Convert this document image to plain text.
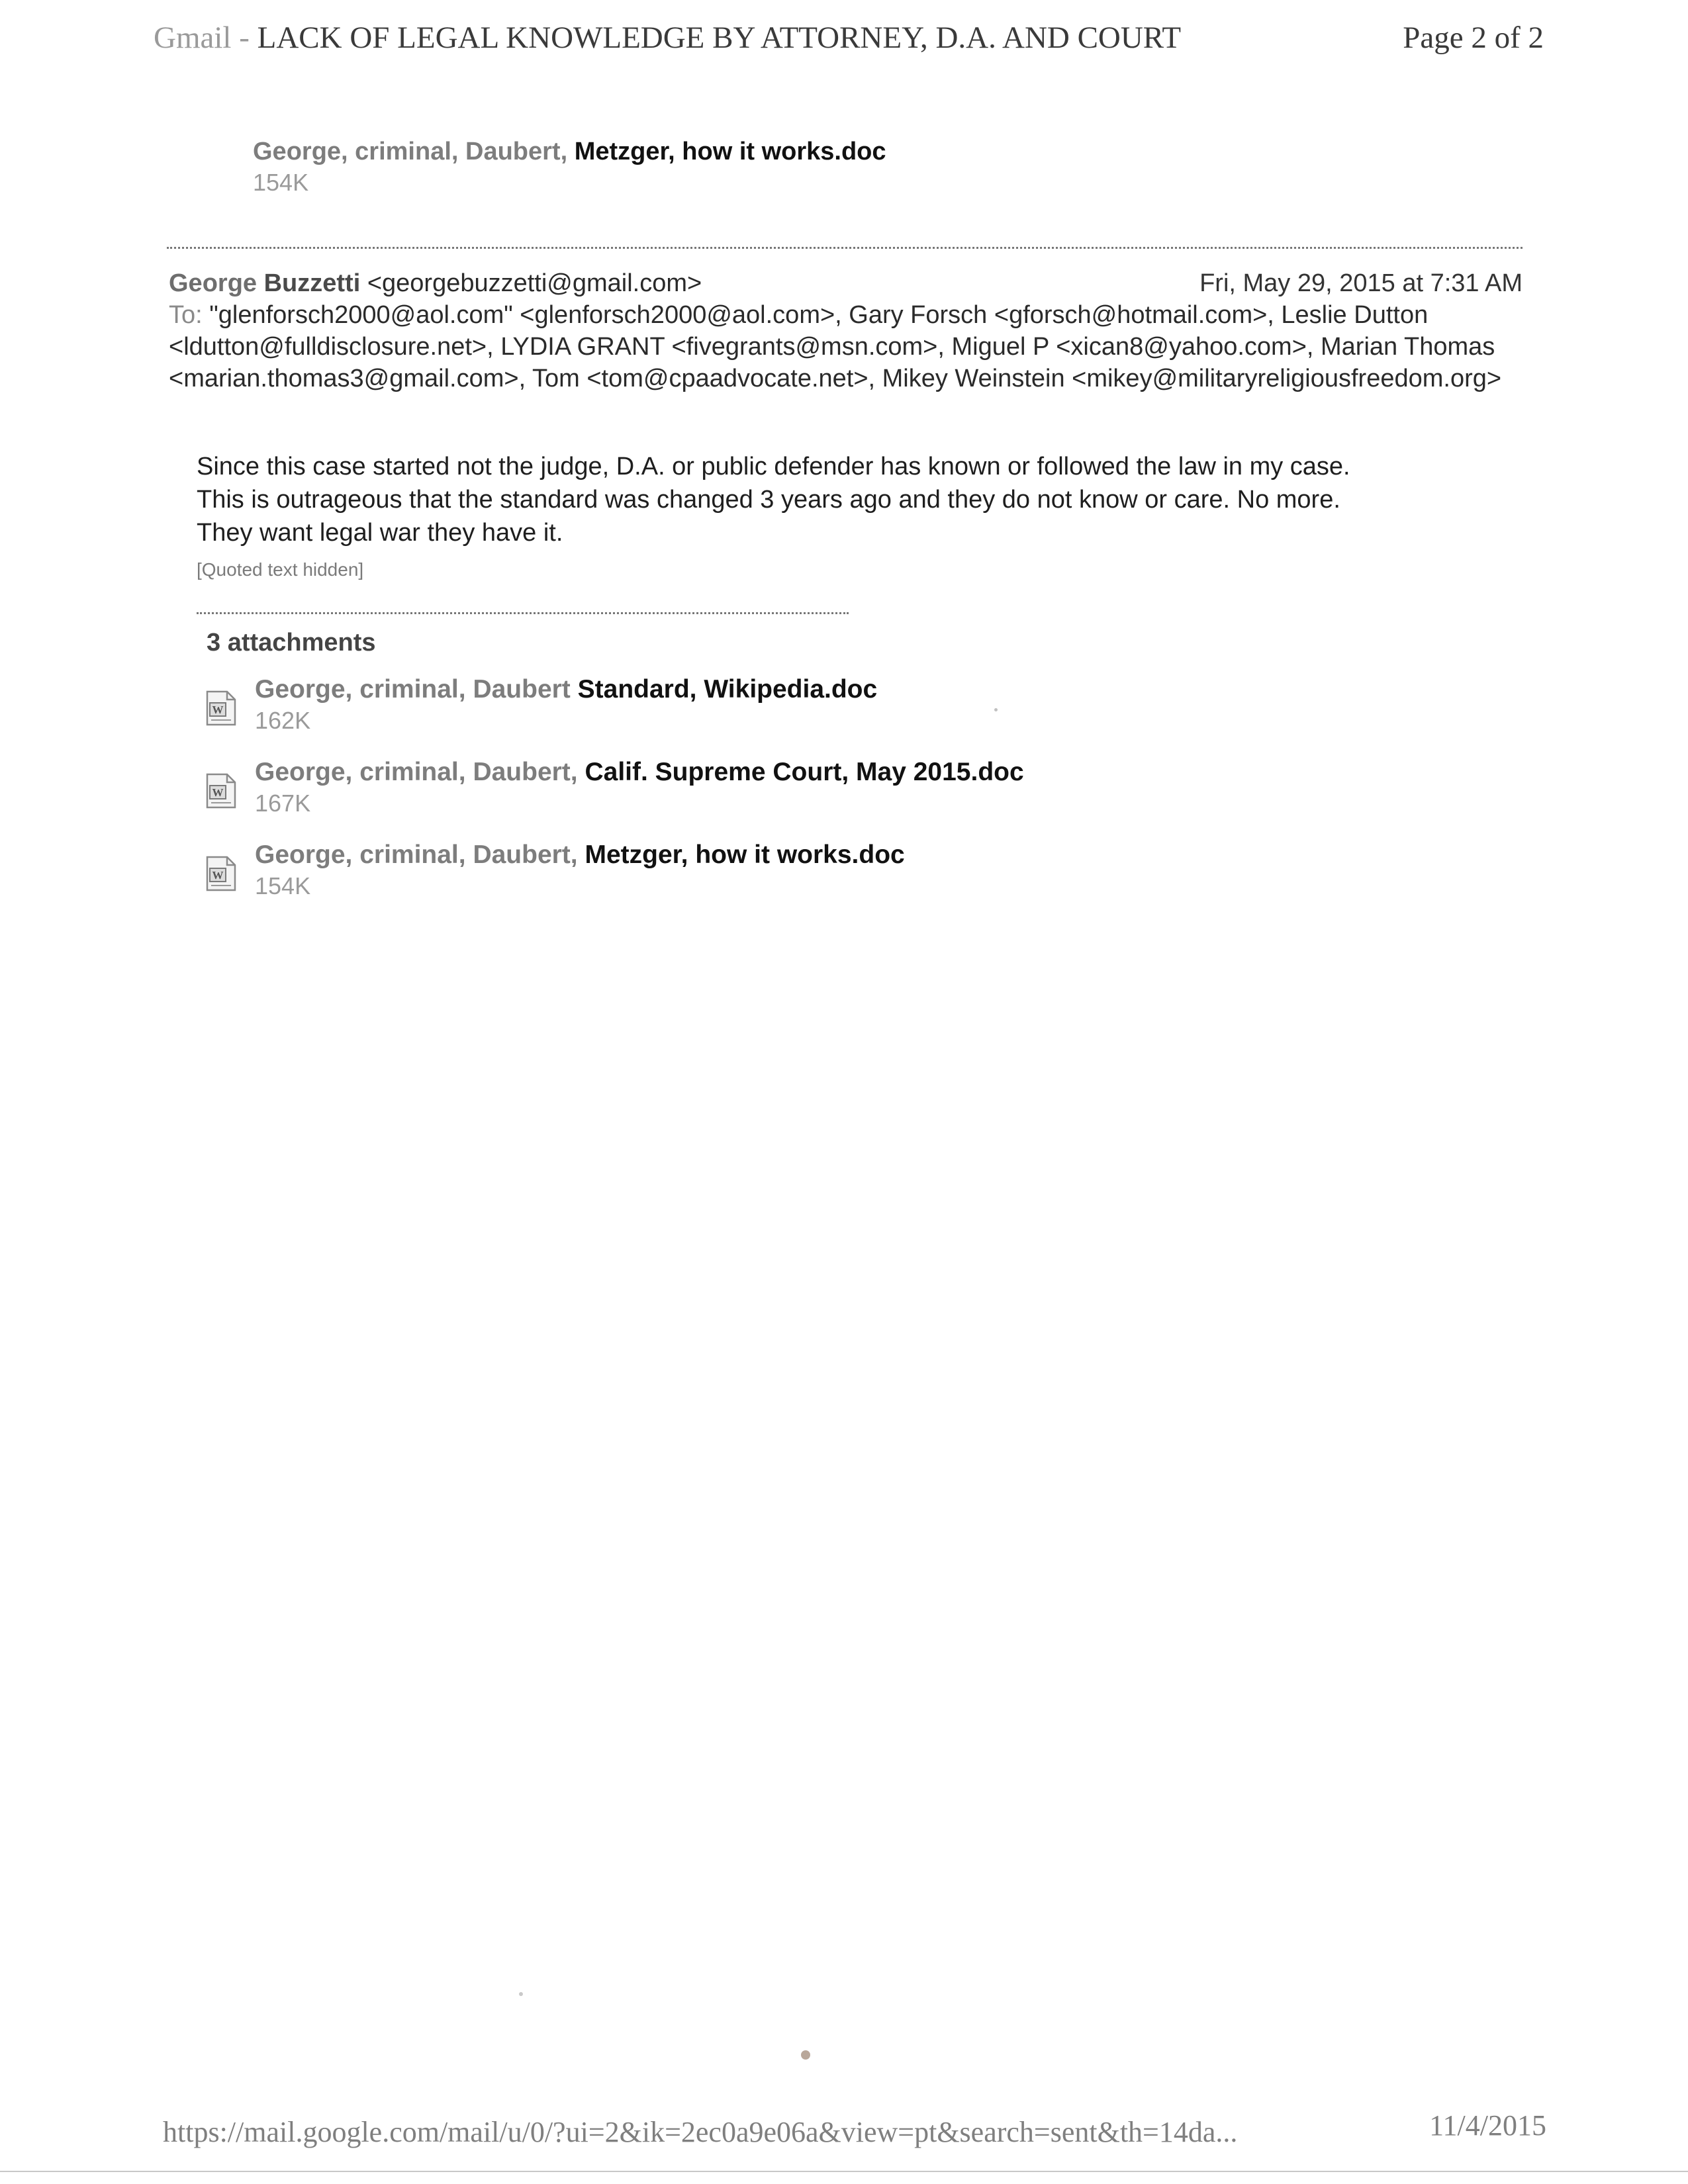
Gmail - LACK OF LEGAL KNOWLEDGE BY ATTORNEY, D.A. AND COURT	Page 2 of 2
George, criminal, Daubert, Metzger, how it works.doc
154K
George Buzzetti <georgebuzzetti@gmail.com>	Fri, May 29, 2015 at 7:31 AM
To: "glenforsch2000@aol.com" <glenforsch2000@aol.com>, Gary Forsch <gforsch@hotmail.com>, Leslie Dutton <ldutton@fulldisclosure.net>, LYDIA GRANT <fivegrants@msn.com>, Miguel P <xican8@yahoo.com>, Marian Thomas <marian.thomas3@gmail.com>, Tom <tom@cpaadvocate.net>, Mikey Weinstein <mikey@militaryreligiousfreedom.org>

Since this case started not the judge, D.A. or public defender has known or followed the law in my case.

This is outrageous that the standard was changed 3 years ago and they do not know or care. No more.

They want legal war they have it.

[Quoted text hidden]
3 attachments
W
George, criminal, Daubert Standard, Wikipedia.doc
162K
W
George, criminal, Daubert, Calif. Supreme Court, May 2015.doc
167K
W
George, criminal, Daubert, Metzger, how it works.doc
154K
https://mail.google.com/mail/u/0/?ui=2&ik=2ec0a9e06a&view=pt&search=sent&th=14da...	11/4/2015
